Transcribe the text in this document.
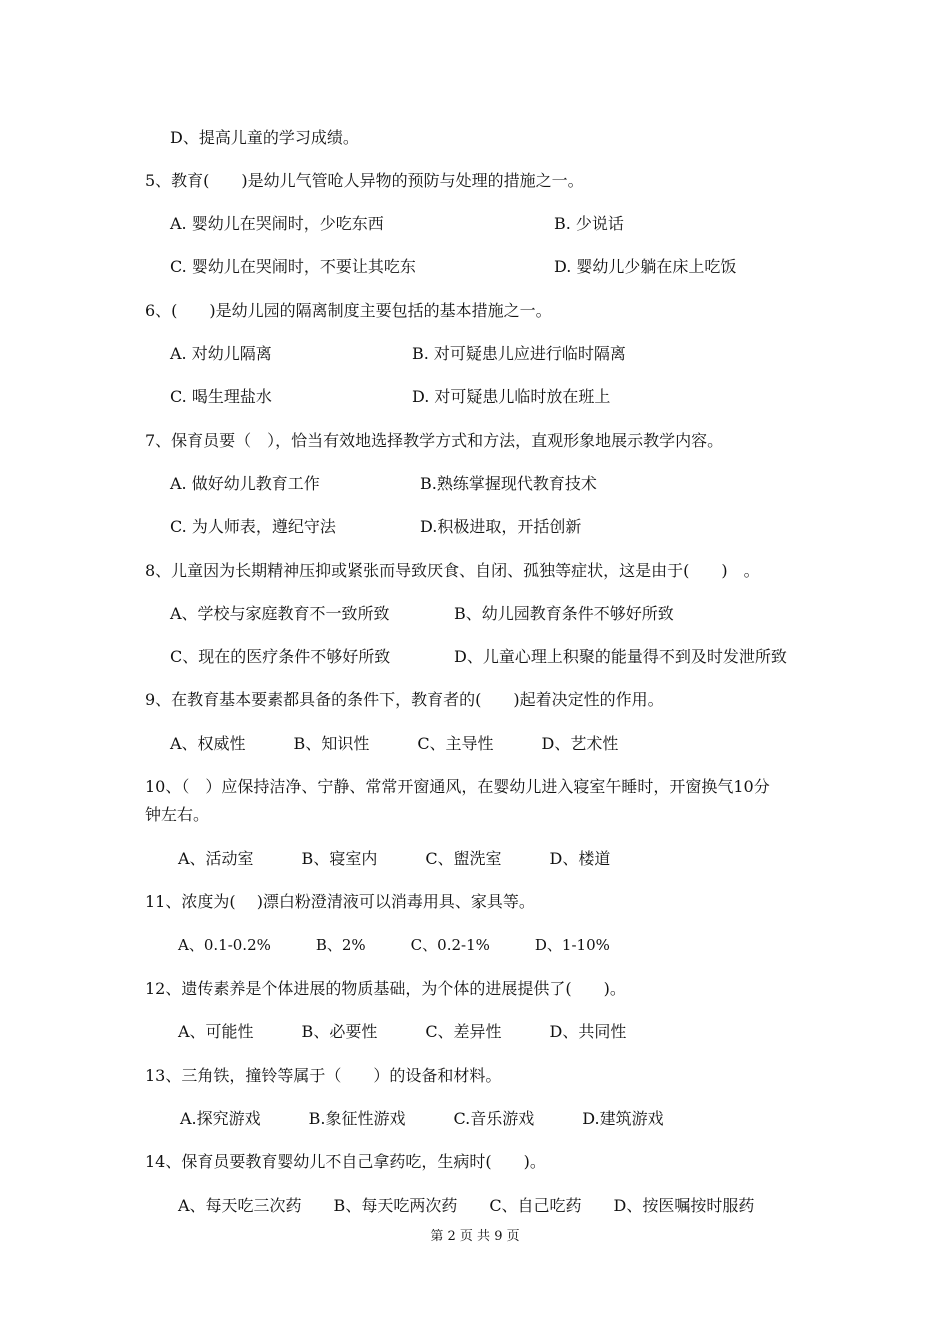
D、提高儿童的学习成绩。
5、教育(　　)是幼儿气管呛人异物的预防与处理的措施之一。
A. 婴幼儿在哭闹时，少吃东西	B. 少说话
C. 婴幼儿在哭闹时，不要让其吃东	D. 婴幼儿少躺在床上吃饭
6、(　　)是幼儿园的隔离制度主要包括的基本措施之一。
A. 对幼儿隔离	B. 对可疑患儿应进行临时隔离
C. 喝生理盐水	D. 对可疑患儿临时放在班上
7、保育员要（　），恰当有效地选择教学方式和方法，直观形象地展示教学内容。
A. 做好幼儿教育工作	B.熟练掌握现代教育技术
C. 为人师表，遵纪守法	D.积极进取，开括创新
8、儿童因为长期精神压抑或紧张而导致厌食、自闭、孤独等症状，这是由于(　　)　。
A、学校与家庭教育不一致所致	B、幼儿园教育条件不够好所致
C、现在的医疗条件不够好所致	D、儿童心理上积聚的能量得不到及时发泄所致
9、在教育基本要素都具备的条件下，教育者的(　　)起着决定性的作用。
A、权威性　　　B、知识性　　　C、主导性　　　D、艺术性
10、（　）应保持洁净、宁静、常常开窗通风，在婴幼儿进入寝室午睡时，开窗换气10分
钟左右。
A、活动室　　　B、寝室内　　　C、盥洗室　　　D、楼道
11、浓度为(　 )漂白粉澄清液可以消毒用具、家具等。
A、0.1-0.2%　　　B、2%　　　C、0.2-1%　　　D、1-10%
12、遗传素养是个体进展的物质基础，为个体的进展提供了(　　)。
A、可能性　　　B、必要性　　　C、差异性　　　D、共同性
13、三角铁，撞铃等属于（　　）的设备和材料。
A.探究游戏　　　B.象征性游戏　　　C.音乐游戏　　　D.建筑游戏
14、保育员要教育婴幼儿不自己拿药吃，生病时(　　)。
A、每天吃三次药　　B、每天吃两次药　　C、自己吃药　　D、按医嘱按时服药
第 2 页 共 9 页
